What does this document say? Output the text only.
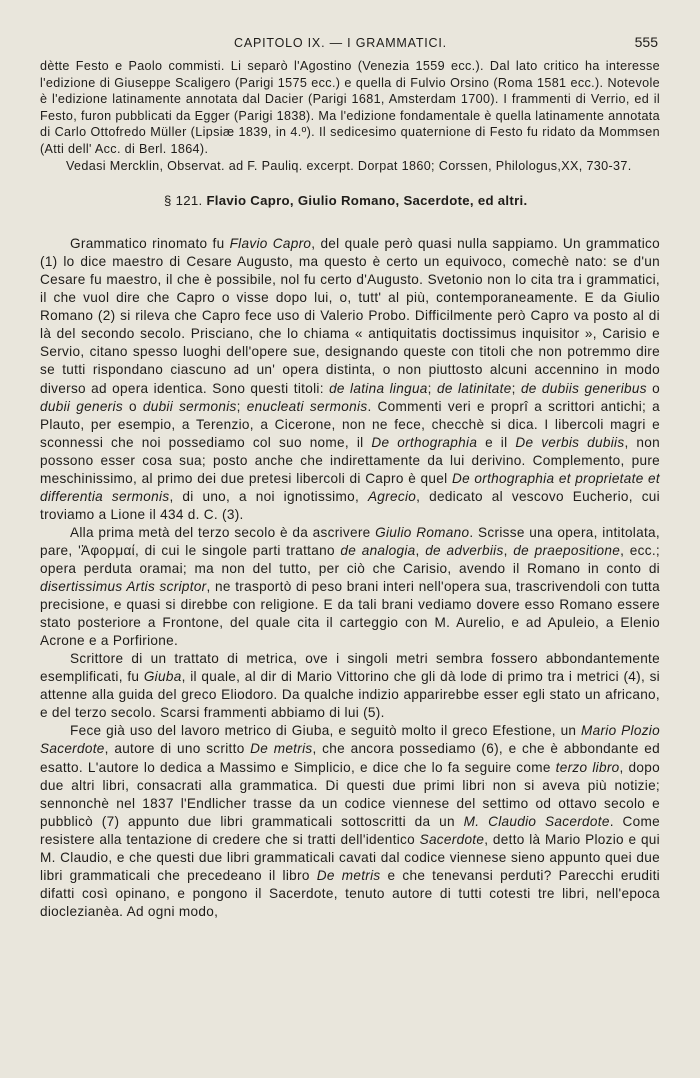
CAPITOLO IX. — I GRAMMATICI.	555

dètte Festo e Paolo commisti. Li separò l'Agostino (Venezia 1559 ecc.). Dal lato critico ha interesse l'edizione di Giuseppe Scaligero (Parigi 1575 ecc.) e quella di Fulvio Orsino (Roma 1581 ecc.). Notevole è l'edizione latinamente annotata dal Dacier (Parigi 1681, Amsterdam 1700). I frammenti di Verrio, ed il Festo, furon pubblicati da Egger (Parigi 1838). Ma l'edizione fondamentale è quella latinamente annotata di Carlo Ottofredo Müller (Lipsiæ 1839, in 4.º). Il sedicesimo quaternione di Festo fu ridato da Mommsen (Atti dell' Acc. di Berl. 1864).

Vedasi Mercklin, Observat. ad F. Pauliq. excerpt. Dorpat 1860; Corssen, Philologus,XX, 730-37.

§ 121. Flavio Capro, Giulio Romano, Sacerdote, ed altri.

Grammatico rinomato fu Flavio Capro, del quale però quasi nulla sappiamo. Un grammatico (1) lo dice maestro di Cesare Augusto, ma questo è certo un equivoco, comechè nato: se d'un Cesare fu maestro, il che è possibile, nol fu certo d'Augusto. Svetonio non lo cita tra i grammatici, il che vuol dire che Capro o visse dopo lui, o, tutt' al più, contemporaneamente. E da Giulio Romano (2) si rileva che Capro fece uso di Valerio Probo. Difficilmente però Capro va posto al di là del secondo secolo. Prisciano, che lo chiama « antiquitatis doctissimus inquisitor », Carisio e Servio, citano spesso luoghi dell'opere sue, designando queste con titoli che non potremmo dire se tutti rispondano ciascuno ad un' opera distinta, o non piuttosto alcuni accennino in modo diverso ad opera identica. Sono questi titoli: de latina lingua; de latinitate; de dubiis generibus o dubii generis o dubii sermonis; enucleati sermonis. Commenti veri e proprî a scrittori antichi; a Plauto, per esempio, a Terenzio, a Cicerone, non ne fece, checchè si dica. I libercoli magri e sconnessi che noi possediamo col suo nome, il De orthographia e il De verbis dubiis, non possono esser cosa sua; posto anche che indirettamente da lui derivino. Complemento, pure meschinissimo, al primo dei due pretesi libercoli di Capro è quel De orthographia et proprietate et differentia sermonis, di uno, a noi ignotissimo, Agrecio, dedicato al vescovo Eucherio, cui troviamo a Lione il 434 d. C. (3).

Alla prima metà del terzo secolo è da ascrivere Giulio Romano. Scrisse una opera, intitolata, pare, 'Ἀφορμαί, di cui le singole parti trattano de analogia, de adverbiis, de praepositione, ecc.; opera perduta oramai; ma non del tutto, per ciò che Carisio, avendo il Romano in conto di disertissimus Artis scriptor, ne trasportò di peso brani interi nell'opera sua, trascrivendoli con tutta precisione, e quasi si direbbe con religione. E da tali brani vediamo dovere esso Romano essere stato posteriore a Frontone, del quale cita il carteggio con M. Aurelio, e ad Apuleio, a Elenio Acrone e a Porfirione.

Scrittore di un trattato di metrica, ove i singoli metri sembra fossero abbondantemente esemplificati, fu Giuba, il quale, al dir di Mario Vittorino che gli dà lode di primo tra i metrici (4), si attenne alla guida del greco Eliodoro. Da qualche indizio apparirebbe esser egli stato un africano, e del terzo secolo. Scarsi frammenti abbiamo di lui (5).

Fece già uso del lavoro metrico di Giuba, e seguitò molto il greco Efestione, un Mario Plozio Sacerdote, autore di uno scritto De metris, che ancora possediamo (6), e che è abbondante ed esatto. L'autore lo dedica a Massimo e Simplicio, e dice che lo fa seguire come terzo libro, dopo due altri libri, consacrati alla grammatica. Di questi due primi libri non si aveva più notizie; sennonchè nel 1837 l'Endlicher trasse da un codice viennese del settimo od ottavo secolo e pubblicò (7) appunto due libri grammaticali sottoscritti da un M. Claudio Sacerdote. Come resistere alla tentazione di credere che si tratti dell'identico Sacerdote, detto là Mario Plozio e qui M. Claudio, e che questi due libri grammaticali cavati dal codice viennese sieno appunto quei due libri grammaticali che precedeano il libro De metris e che tenevansi perduti? Parecchi eruditi difatti così opinano, e pongono il Sacerdote, tenuto autore di tutti cotesti tre libri, nell'epoca dioclezianèa. Ad ogni modo,
